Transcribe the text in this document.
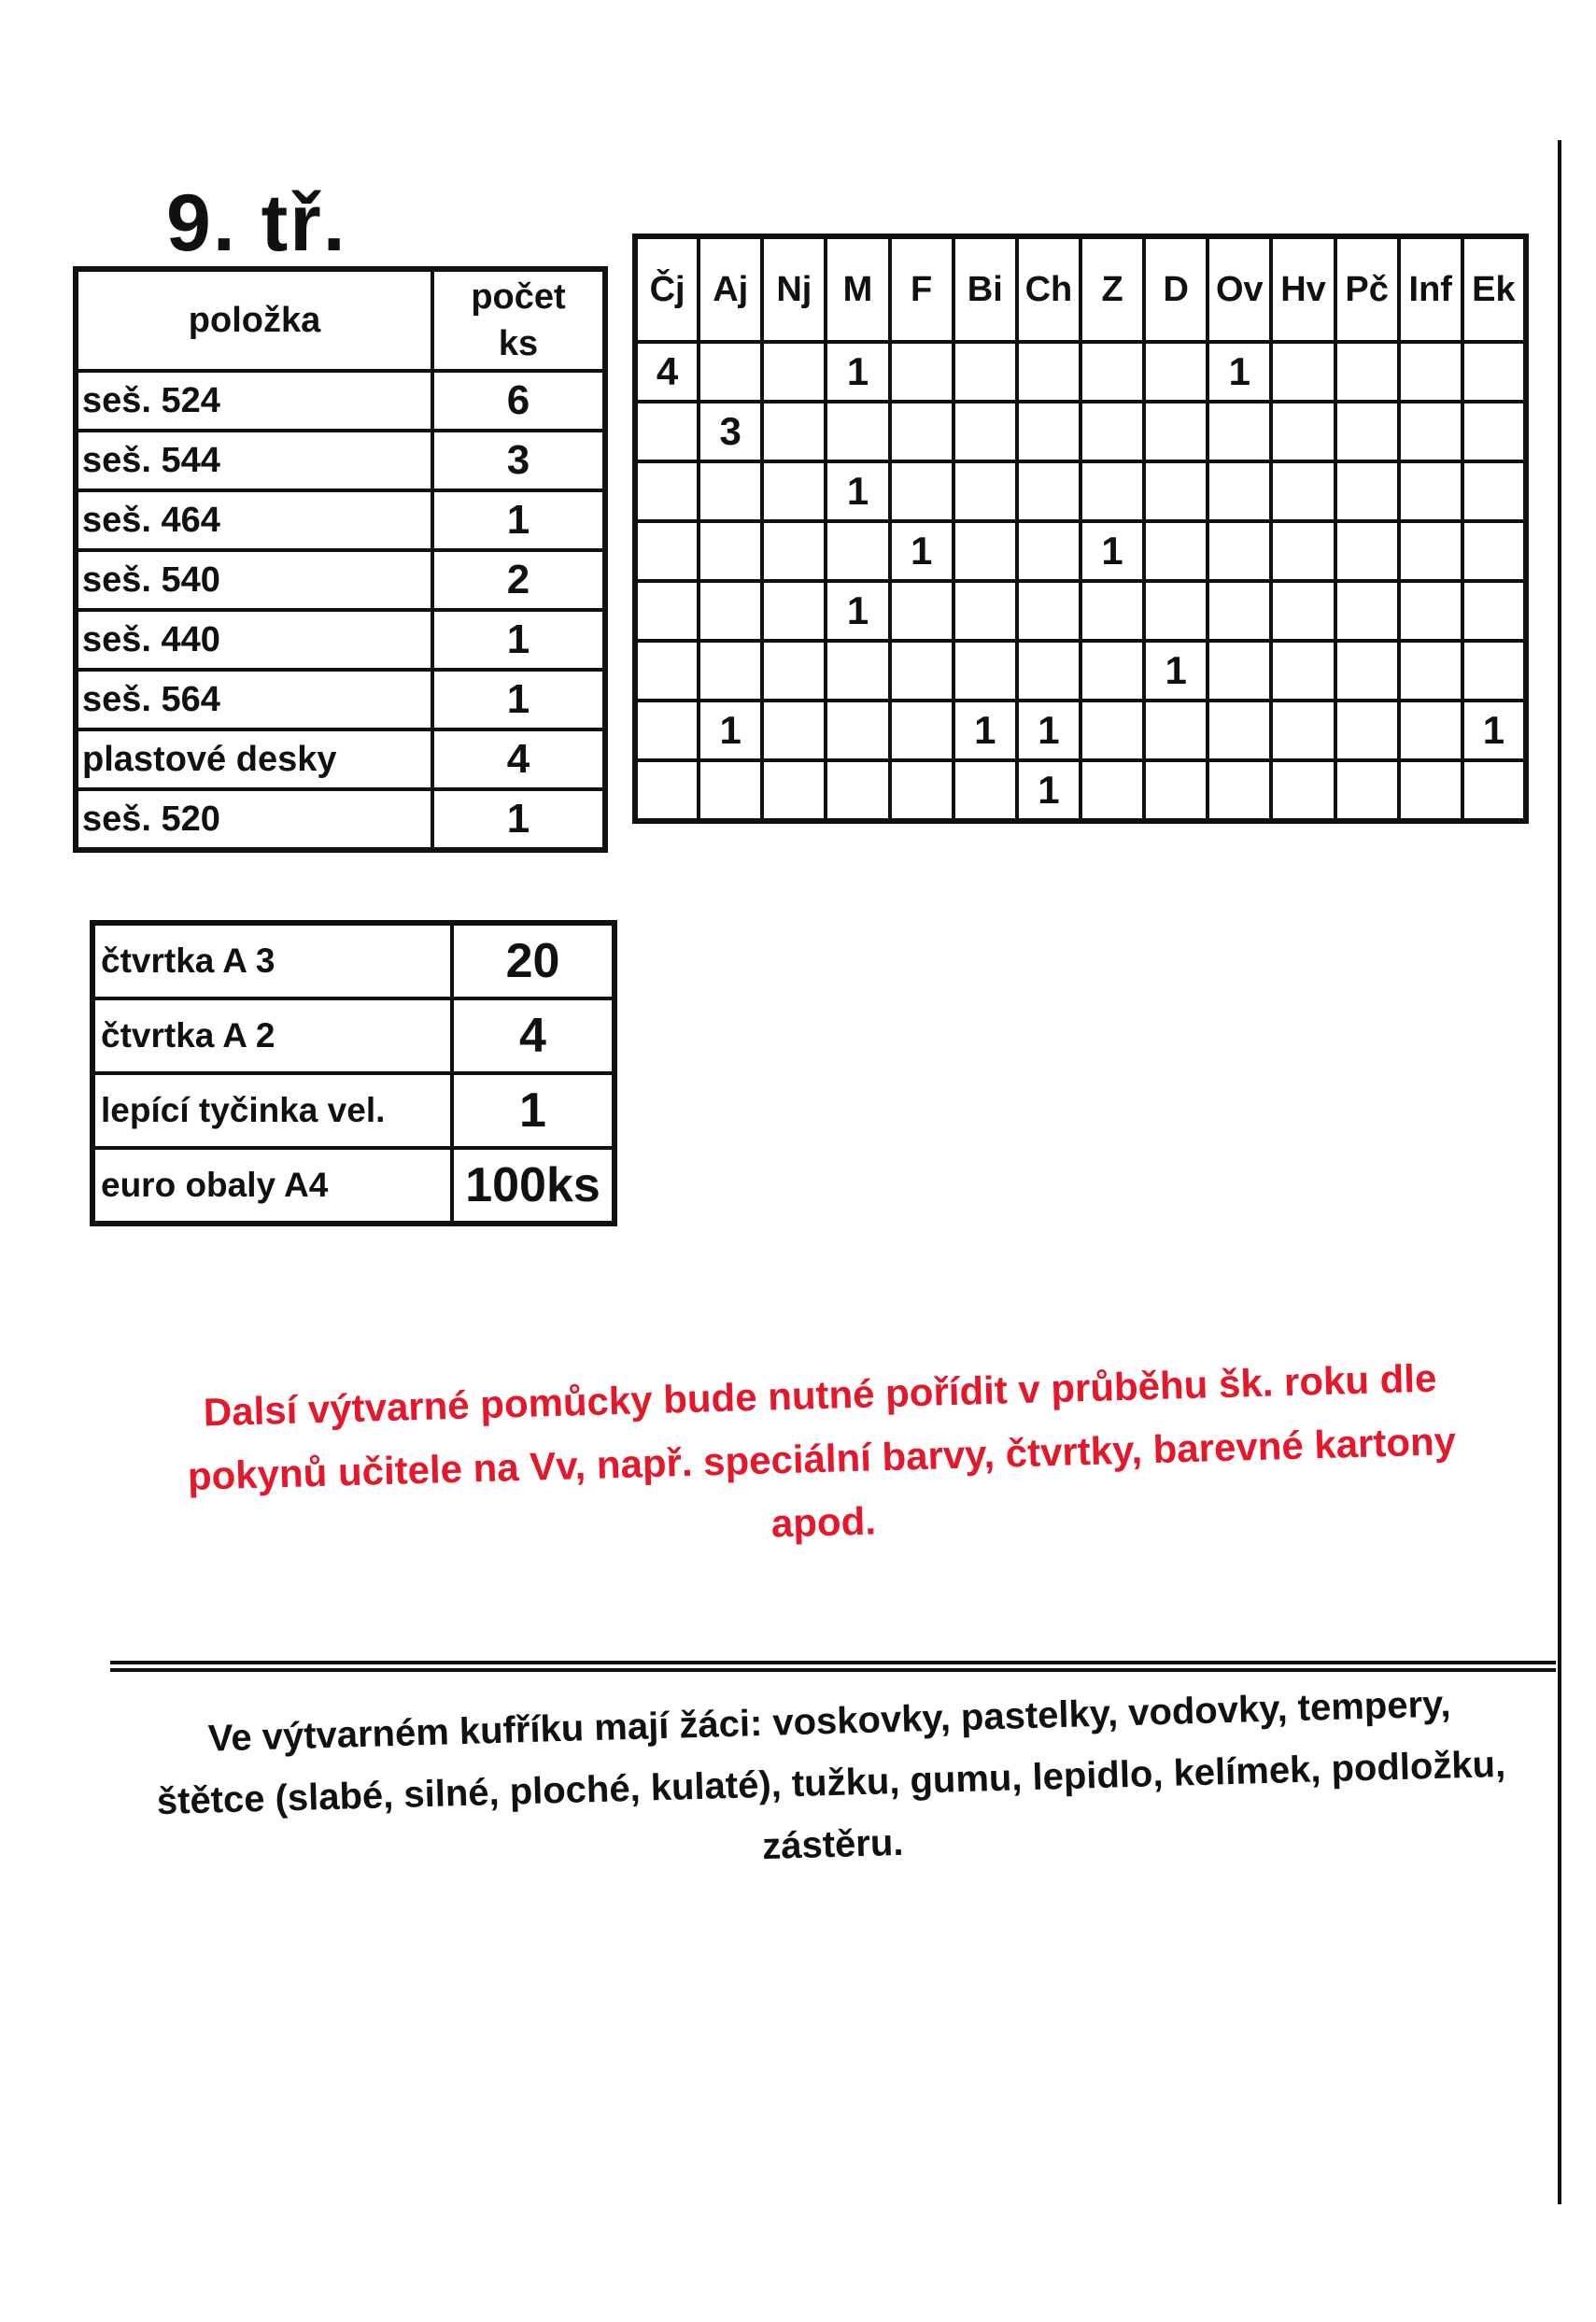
9. tř.
položka	počet
ks
seš. 524	6
seš. 544	3
seš. 464	1
seš. 540	2
seš. 440	1
seš. 564	1
plastové desky	4
seš. 520	1
Čj	Aj	Nj	M	F	Bi	Ch	Z	D	Ov	Hv	Pč	Inf	Ek
4			1						1				
	3												
			1										
				1			1						
			1										
								1					
	1				1	1							1
						1							
čtvrtka A 3	20
čtvrtka A 2	4
lepící tyčinka vel.	1
euro obaly A4	100ks
Dalsí výtvarné pomůcky bude nutné pořídit v průběhu šk. roku dle
pokynů učitele na Vv, např. speciální barvy, čtvrtky, barevné kartony
apod.
Ve výtvarném kufříku mají žáci: voskovky, pastelky, vodovky, tempery,
štětce (slabé, silné, ploché, kulaté), tužku, gumu, lepidlo, kelímek, podložku,
zástěru.
